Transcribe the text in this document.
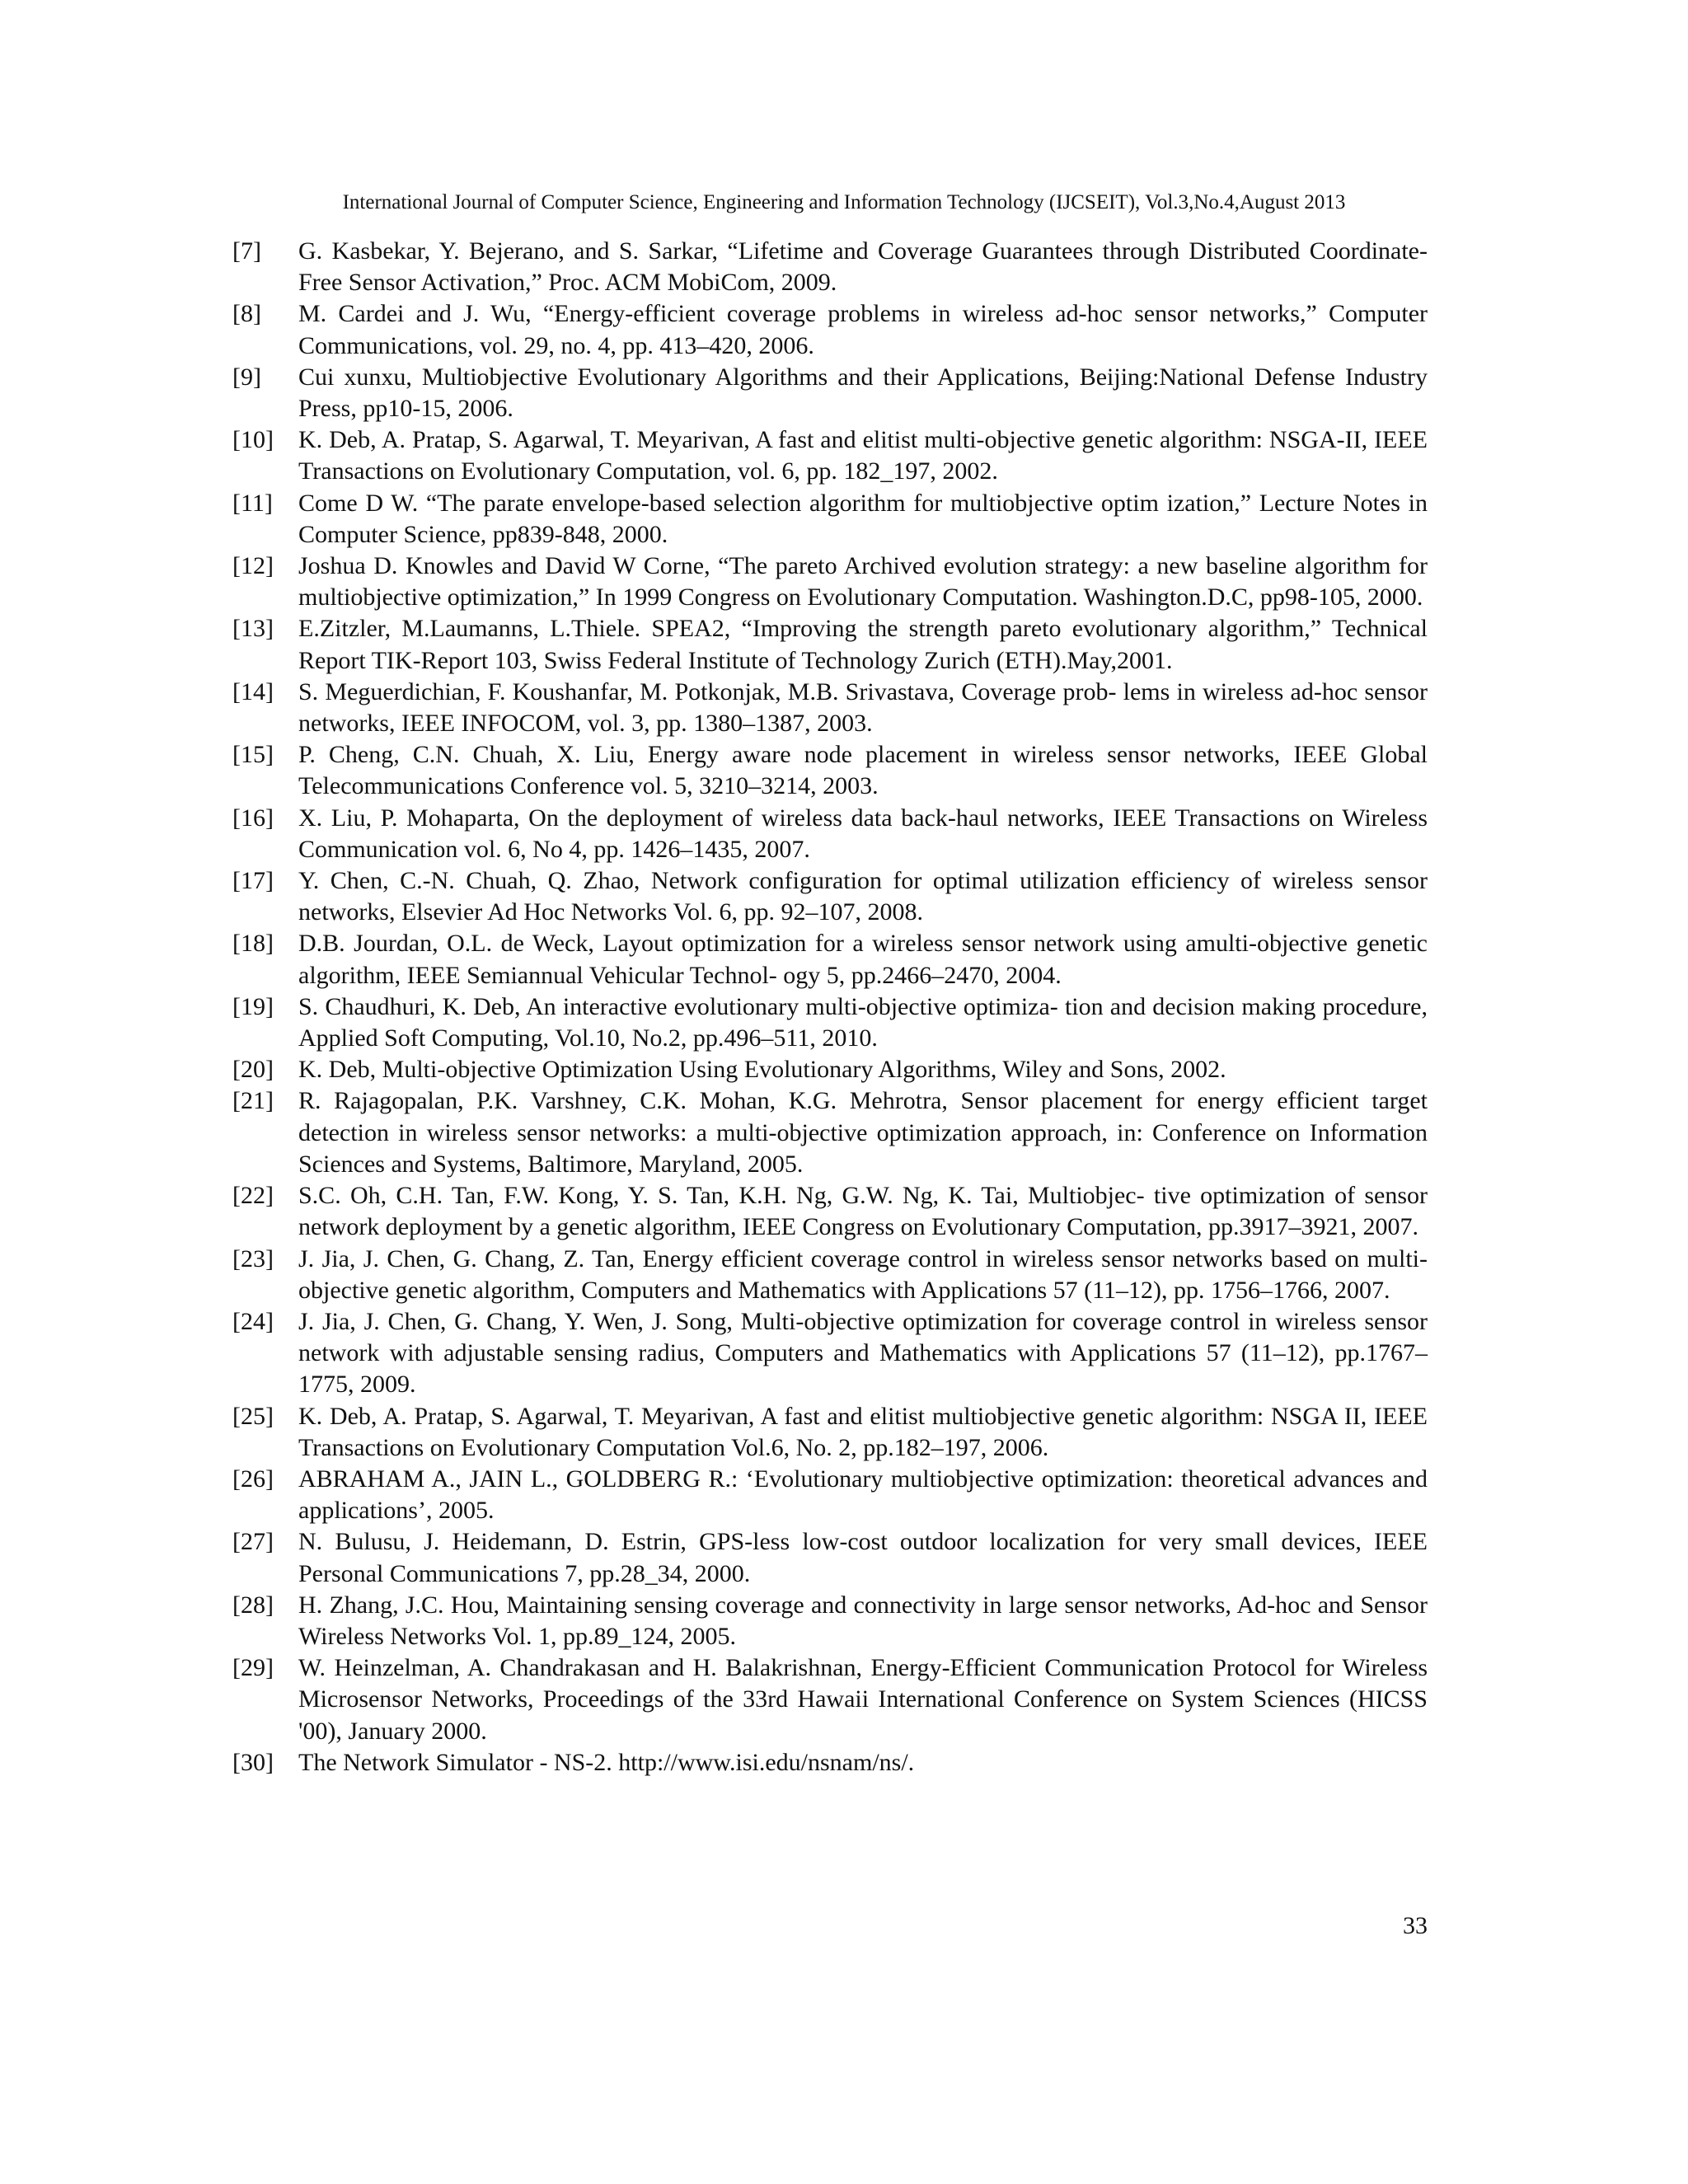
International Journal of Computer Science, Engineering and Information Technology (IJCSEIT), Vol.3,No.4,August 2013
[7]	G. Kasbekar, Y. Bejerano, and S. Sarkar, “Lifetime and Coverage Guarantees through Distributed Coordinate-Free Sensor Activation,” Proc. ACM MobiCom, 2009.
[8]	M. Cardei and J. Wu, “Energy-efficient coverage problems in wireless ad-hoc sensor networks,” Computer Communications, vol. 29, no. 4, pp. 413–420, 2006.
[9]	Cui xunxu, Multiobjective Evolutionary Algorithms and their Applications, Beijing:National Defense Industry Press, pp10-15, 2006.
[10]	K. Deb, A. Pratap, S. Agarwal, T. Meyarivan, A fast and elitist multi-objective genetic algorithm: NSGA-II, IEEE Transactions on Evolutionary Computation, vol. 6, pp. 182_197, 2002.
[11]	Come D W. “The parate envelope-based selection algorithm for multiobjective optim ization,” Lecture Notes in Computer Science, pp839-848, 2000.
[12]	Joshua D. Knowles and David W Corne, “The pareto Archived evolution strategy: a new baseline algorithm for multiobjective optimization,” In 1999 Congress on Evolutionary Computation. Washington.D.C, pp98-105, 2000.
[13]	E.Zitzler, M.Laumanns, L.Thiele. SPEA2, “Improving the strength pareto evolutionary algorithm,” Technical Report TIK-Report 103, Swiss Federal Institute of Technology Zurich (ETH).May,2001.
[14]	S. Meguerdichian, F. Koushanfar, M. Potkonjak, M.B. Srivastava, Coverage prob- lems in wireless ad-hoc sensor networks, IEEE INFOCOM, vol. 3, pp. 1380–1387, 2003.
[15]	P. Cheng, C.N. Chuah, X. Liu, Energy aware node placement in wireless sensor networks, IEEE Global Telecommunications Conference vol. 5, 3210–3214, 2003.
[16]	X. Liu, P. Mohaparta, On the deployment of wireless data back-haul networks, IEEE Transactions on Wireless Communication vol. 6, No 4, pp. 1426–1435, 2007.
[17]	Y. Chen, C.-N. Chuah, Q. Zhao, Network configuration for optimal utilization efficiency of wireless sensor networks, Elsevier Ad Hoc Networks Vol. 6, pp. 92–107, 2008.
[18]	D.B. Jourdan, O.L. de Weck, Layout optimization for a wireless sensor network using amulti-objective genetic algorithm, IEEE Semiannual Vehicular Technol- ogy 5, pp.2466–2470, 2004.
[19]	S. Chaudhuri, K. Deb, An interactive evolutionary multi-objective optimiza- tion and decision making procedure, Applied Soft Computing, Vol.10, No.2, pp.496–511, 2010.
[20]	K. Deb, Multi-objective Optimization Using Evolutionary Algorithms, Wiley and Sons, 2002.
[21]	R. Rajagopalan, P.K. Varshney, C.K. Mohan, K.G. Mehrotra, Sensor placement for energy efficient target detection in wireless sensor networks: a multi-objective optimization approach, in: Conference on Information Sciences and Systems, Baltimore, Maryland, 2005.
[22]	S.C. Oh, C.H. Tan, F.W. Kong, Y. S. Tan, K.H. Ng, G.W. Ng, K. Tai, Multiobjec- tive optimization of sensor network deployment by a genetic algorithm, IEEE Congress on Evolutionary Computation, pp.3917–3921, 2007.
[23]	J. Jia, J. Chen, G. Chang, Z. Tan, Energy efficient coverage control in wireless sensor networks based on multi-objective genetic algorithm, Computers and Mathematics with Applications 57 (11–12), pp. 1756–1766, 2007.
[24]	J. Jia, J. Chen, G. Chang, Y. Wen, J. Song, Multi-objective optimization for coverage control in wireless sensor network with adjustable sensing radius, Computers and Mathematics with Applications 57 (11–12), pp.1767–1775, 2009.
[25]	K. Deb, A. Pratap, S. Agarwal, T. Meyarivan, A fast and elitist multiobjective genetic algorithm: NSGA II, IEEE Transactions on Evolutionary Computation Vol.6, No. 2, pp.182–197, 2006.
[26]	ABRAHAM A., JAIN L., GOLDBERG R.: ‘Evolutionary multiobjective optimization: theoretical advances and applications’, 2005.
[27]	N. Bulusu, J. Heidemann, D. Estrin, GPS-less low-cost outdoor localization for very small devices, IEEE Personal Communications 7, pp.28_34, 2000.
[28]	H. Zhang, J.C. Hou, Maintaining sensing coverage and connectivity in large sensor networks, Ad-hoc and Sensor Wireless Networks Vol. 1, pp.89_124, 2005.
[29]	W. Heinzelman, A. Chandrakasan and H. Balakrishnan, Energy-Efficient Communication Protocol for Wireless Microsensor Networks, Proceedings of the 33rd Hawaii International Conference on System Sciences (HICSS '00), January 2000.
[30]	The Network Simulator - NS-2. http://www.isi.edu/nsnam/ns/.
33
